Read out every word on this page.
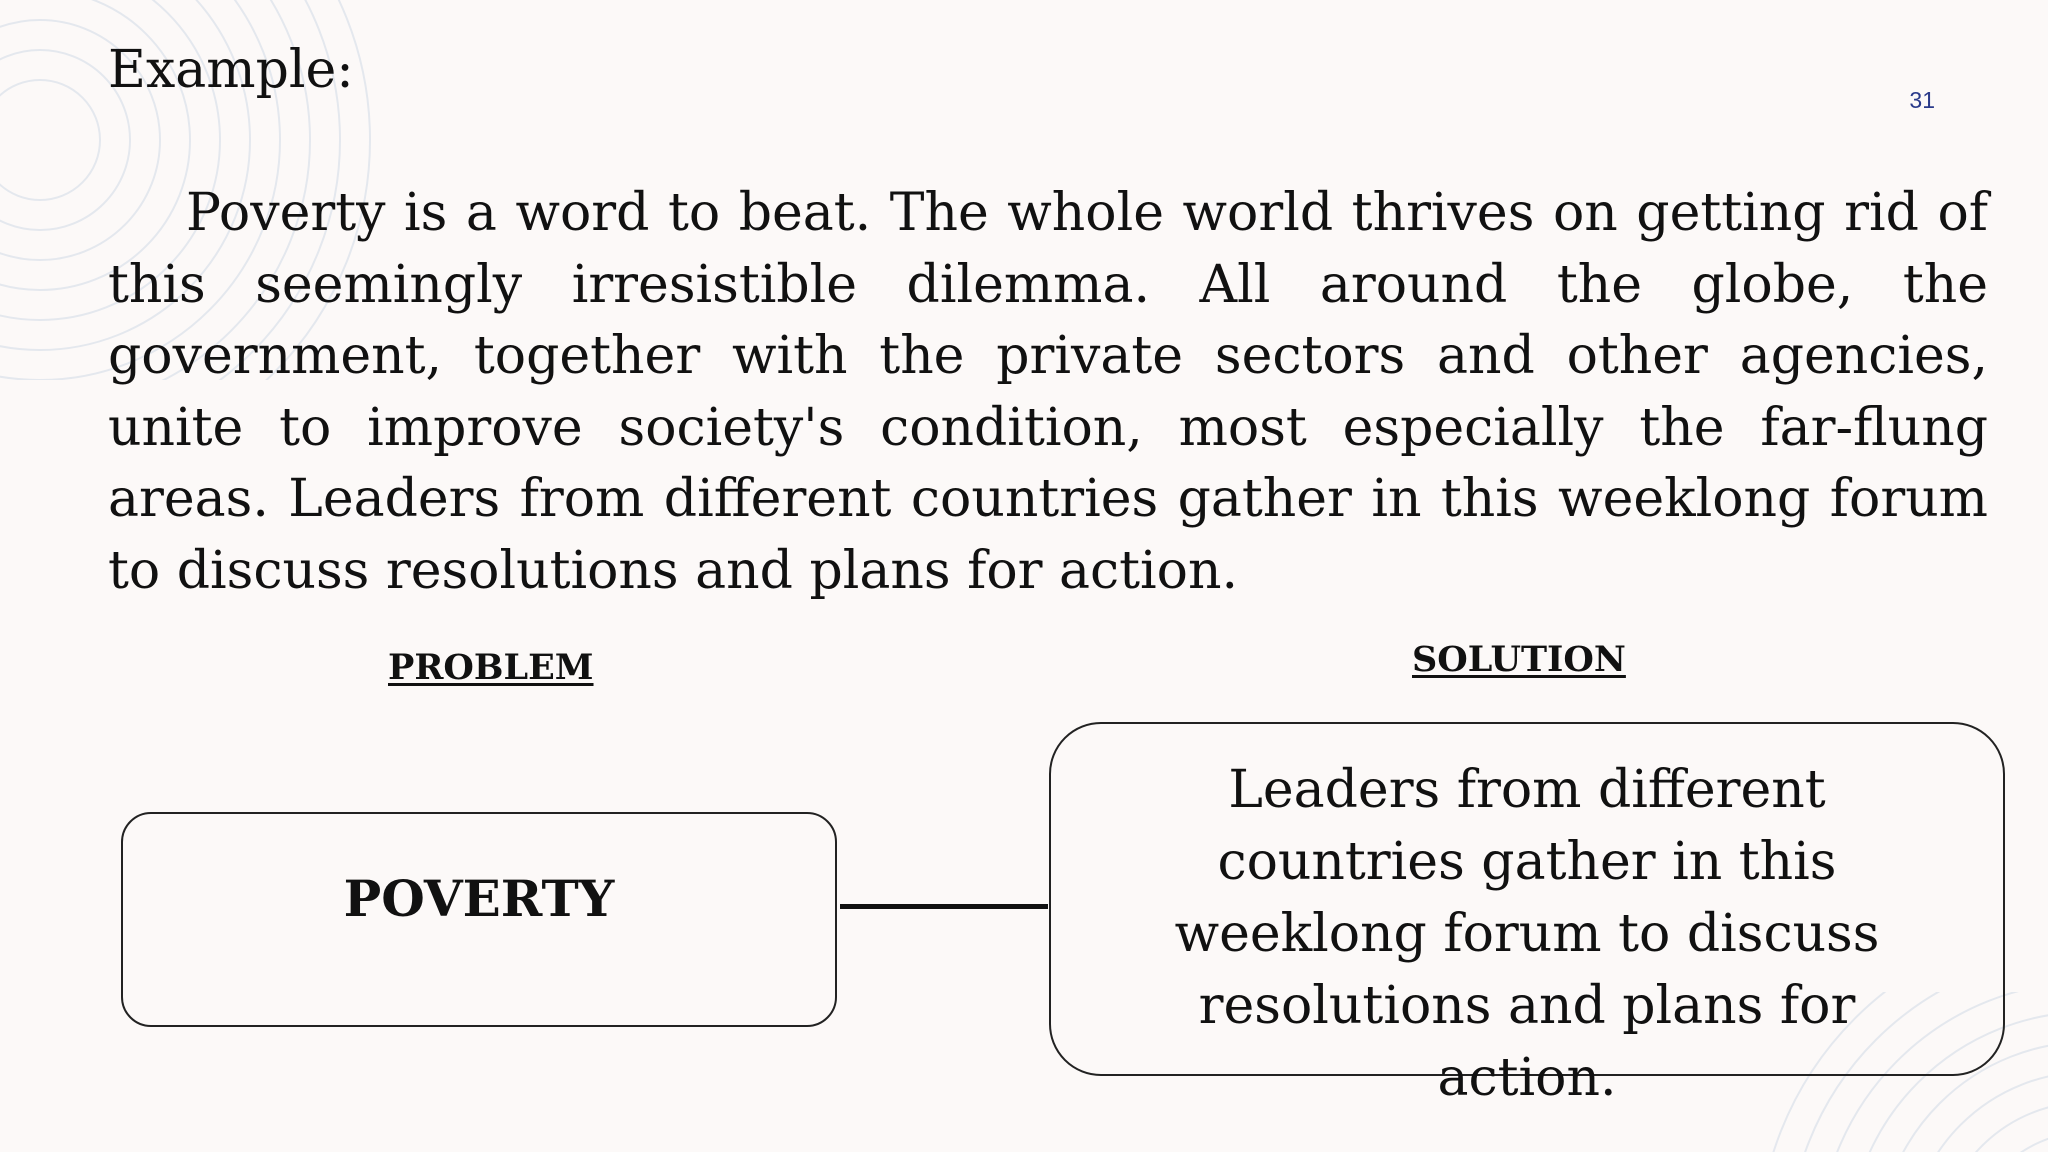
Example:	31

Poverty is a word to beat. The whole world thrives on getting rid of this seemingly irresistible dilemma. All around the globe, the government, together with the private sectors and other agencies, unite to improve society's condition, most especially the far-flung areas. Leaders from different countries gather in this weeklong forum to discuss resolutions and plans for action.

PROBLEM	SOLUTION
POVERTY

Leaders from different countries gather in this weeklong forum to discuss resolutions and plans for action.
